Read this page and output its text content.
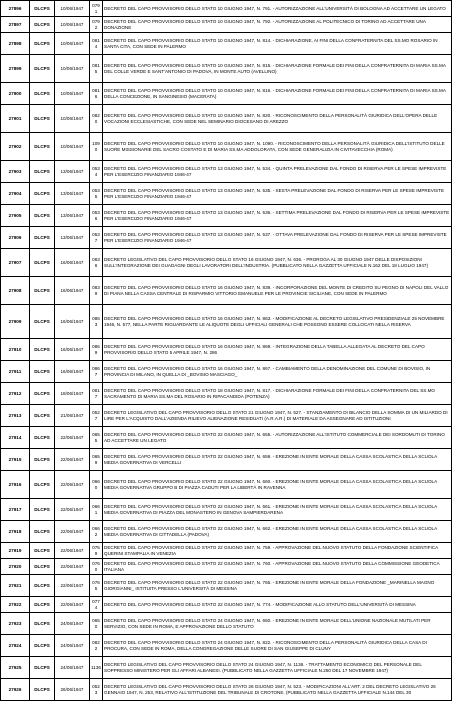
27896	DLCPS	10/06/1947	0791	DECRETO DEL CAPO PROVVISORIO DELLO STATO 10 GIUGNO 1947, N. 791. - AUTORIZZAZIONE ALL'UNIVERSITÀ DI BOLOGNA AD ACCETTARE UN LEGATO
27897	DLCPS	10/06/1947	0792	DECRETO DEL CAPO PROVVISORIO DELLO STATO 10 GIUGNO 1947, N. 792. - AUTORIZZAZIONE AL POLITECNICO DI TORINO AD ACCETTARE UNA DONAZIONE
27898	DLCPS	10/06/1947	0814	DECRETO DEL CAPO PROVVISORIO DELLO STATO 10 GIUGNO 1947, N. 814. - DICHIARAZIONE, AI FINI DELLA CONFRATERNITA DEL SS.MO ROSARIO IN SANTA CITA, CON SEDE IN PALERMO
27899	DLCPS	10/06/1947	0815	DECRETO DEL CAPO PROVVISORIO DELLO STATO 10 GIUGNO 1947, N. 815. - DICHIARAZIONE FORMALE DEI FINI DELLA CONFRATERNITA DI MARIA SS.MA DEL COLLE VERDE E SANT'ANTONIO DI PADOVA, IN MONTE AUTO (AVELLINO)
27900	DLCPS	10/06/1947	0816	DECRETO DEL CAPO PROVVISORIO DELLO STATO 10 GIUGNO 1947, N. 816. - DICHIARAZIONE FORMALE DEI FINI DELLA CONFRATERNITA DI MARIA SS.MA DELLA CONCEZIONE, IN SANGINESIO (MACERATA)
27901	DLCPS	10/06/1947	0820	DECRETO DEL CAPO PROVVISORIO DELLO STATO 10 GIUGNO 1947, N. 820. - RICONOSCIMENTO DELLA PERSONALITÀ GIURIDICA DELL'OPERA DELLE VOCAZIONI ECCLESIASTICHE, CON SEDE NEL SEMINARIO DIOCESANO DI AREZZO
27902	DLCPS	10/06/1947	1090	DECRETO DEL CAPO PROVVISORIO DELLO STATO 10 GIUGNO 1947, N. 1090. - RICONOSCIMENTO DELLA PERSONALITÀ GIURIDICA DELL'ISTITUTO DELLE SUORE MISSIONARIE DEL SACRO COSTATO E DI MARIA SS.MA ADDOLORATA, CON SEDE GENERALIZIA IN CIVITAVECCHIA (ROMA)
27903	DLCPS	13/06/1947	0534	DECRETO DEL CAPO PROVVISORIO DELLO STATO 13 GIUGNO 1947, N. 534. - QUINTA PRELEVAZIONE DAL FONDO DI RISERVA PER LE SPESE IMPREVISTE PER L'ESERCIZIO FINANZIARIO 1946-47
27904	DLCPS	13/06/1947	0535	DECRETO DEL CAPO PROVVISORIO DELLO STATO 13 GIUGNO 1947, N. 535. - SESTA PRELEVAZIONE DAL FONDO DI RISERVA PER LE SPESE IMPREVISTE PER L'ESERCIZIO FINANZIARIO 1946-47
27905	DLCPS	13/06/1947	0536	DECRETO DEL CAPO PROVVISORIO DELLO STATO 13 GIUGNO 1947, N. 536. - SETTIMA PRELEVAZIONE DAL FONDO DI RISERVA PER LE SPESE IMPREVISTE PER L'ESERCIZIO FINANZIARIO 1946-47
27906	DLCPS	13/06/1947	0537	DECRETO DEL CAPO PROVVISORIO DELLO STATO 13 GIUGNO 1947, N. 537. - OTTAVA PRELEVAZIONE DAL FONDO DI RISERVA PER LE SPESE IMPREVISTE PER L'ESERCIZIO FINANZIARIO 1946-47
27907	DLCPS	16/06/1947	0636	DECRETO LEGISLATIVO DEL CAPO PROVVISORIO DELLO STATO 16 GIUGNO 1947, N. 636. - PROROGA AL 30 GIUGNO 1947 DELLE DISPOSIZIONI SULL'INTEGRAZIONE DEI GUADAGNI DEGLI LAVORATORI DELL'INDUSTRIA. (PUBBLICATO NELLA GAZZETTA UFFICIALE N.162 DEL 18 LUGLIO 1947)
27908	DLCPS	16/06/1947	0839	DECRETO DEL CAPO PROVVISORIO DELLO STATO 16 GIUGNO 1947, N. 839. - INCORPORAZIONE DEL MONTE DI CREDITO SU PEGNO DI NAPOLI DEL VALLO DI PIANA NELLA CASSA CENTRALE DI RISPARMIO VITTORIO EMANUELE PER LE PROVINCIE SICILIANE, CON SEDE IN PALERMO
27909	DLCPS	16/06/1947	0863	DECRETO DEL CAPO PROVVISORIO DELLO STATO 16 GIUGNO 1947, N. 863. - MODIFICAZIONE AL DECRETO LEGISLATIVO PRESIDENZIALE 25 NOVEMBRE 1946, N. 577, NELLA PARTE RIGUARDANTE LE ALIQUOTE DEGLI UFFICIALI GENERALI CHE POSSONO ESSERE COLLOCATI NELLA RISERVA
27910	DLCPS	16/06/1947	0869	DECRETO DEL CAPO PROVVISORIO DELLO STATO 16 GIUGNO 1947, N. 869. - INTEGRAZIONE DELLA TABELLA ALLEGATA AL DECRETO DEL CAPO PROVVISORIO DELLO STATO 5 APRILE 1947, N. 286
27911	DLCPS	16/06/1947	0867	DECRETO DEL CAPO PROVVISORIO DELLO STATO 16 GIUGNO 1947, N. 867. - CAMBIAMENTO DELLA DENOMINAZIONE DEL COMUNE DI BOVISIO, IN PROVINCIA DI MILANO, IN QUELLA DI _BOVISIO MASCIAGO_
27912	DLCPS	18/06/1947	0817	DECRETO DEL CAPO PROVVISORIO DELLO STATO 18 GIUGNO 1947, N. 817. - DICHIARAZIONE FORMALE DEI FINI DELLA CONFRATERNITA DEL SS.MO SACRAMENTO DI MARIA SS.MA DEL ROSARIO IN RIPACANDIDA (POTENZA)
27913	DLCPS	21/06/1947	0527	DECRETO LEGISLATIVO DEL CAPO PROVVISORIO DELLO STATO 21 GIUGNO 1947, N. 527. - STANZIAMENTO DI BILANCIO DELLA SOMMA DI UN MILIARDO DI LIRE PER L'ACQUISTO DALL'AZIENDA RILIEVO ALIENAZIONE RESIDUATI (A.R.A.R.) DI MATERIALE DA ASSEGNARE AD ISTITUZIONI
27914	DLCPS	22/06/1947	0655	DECRETO DEL CAPO PROVVISORIO DELLO STATO 22 GIUGNO 1947, N. 655. - AUTORIZZAZIONE ALL'ISTITUTO COMMERCIALE DEI SORDOMUTI DI TORINO AD ACCETTARE UN LEGATO
27915	DLCPS	22/06/1947	0659	DECRETO DEL CAPO PROVVISORIO DELLO STATO 22 GIUGNO 1947, N. 659. - EREZIONE IN ENTE MORALE DELLA CASSA SCOLASTICA DELLA SCUOLA MEDIA GOVERNATIVA DI VERCELLI
27916	DLCPS	22/06/1947	0660	DECRETO DEL CAPO PROVVISORIO DELLO STATO 22 GIUGNO 1947, N. 660. - EREZIONE IN ENTE MORALE DELLA CASSA SCOLASTICA DELLA SCUOLA MEDIA GOVERNATIVA GRUPPO B DI PIAZZA CADUTI PER LA LIBERTÀ IN RAVENNA
27917	DLCPS	22/06/1947	0661	DECRETO DEL CAPO PROVVISORIO DELLO STATO 22 GIUGNO 1947, N. 661. - EREZIONE IN ENTE MORALE DELLA CASSA SCOLASTICA DELLA SCUOLA MEDIA GOVERNATIVA DI PIAZZA DEL MONASTERO IN GENOVA SAMPIERDARENA
27918	DLCPS	22/06/1947	0662	DECRETO DEL CAPO PROVVISORIO DELLO STATO 22 GIUGNO 1947, N. 662. - EREZIONE IN ENTE MORALE DELLA CASSA SCOLASTICA DELLA SCUOLA MEDIA GOVERNATIVA DI CITTADELLA (PADOVA)
27919	DLCPS	22/06/1947	0759	DECRETO DEL CAPO PROVVISORIO DELLO STATO 22 GIUGNO 1947, N. 759. - APPROVAZIONE DEL NUOVO STATUTO DELLA FONDAZIONE SCIENTIFICA QUERINI STAMPALIA IN VENEZIA
27920	DLCPS	22/06/1947	0760	DECRETO DEL CAPO PROVVISORIO DELLO STATO 22 GIUGNO 1947, N. 760. - APPROVAZIONE DEL NUOVO STATUTO DELLA COMMISSIONE GEODETICA ITALIANA
27921	DLCPS	22/06/1947	0765	DECRETO DEL CAPO PROVVISORIO DELLO STATO 22 GIUGNO 1947, N. 765. - EREZIONE IN ENTE MORALE DELLA FONDAZIONE _MARINELLA MAGNO GIORGIANNI_ ISTITUITA PRESSO L'UNIVERSITÀ DI MESSINA
27922	DLCPS	22/06/1947	0774	DECRETO DEL CAPO PROVVISORIO DELLO STATO 22 GIUGNO 1947, N. 774. - MODIFICAZIONE ALLO STATUTO DELL'UNIVERSITÀ DI MESSINA
27923	DLCPS	24/06/1947	0650	DECRETO DEL CAPO PROVVISORIO DELLO STATO 24 GIUGNO 1947, N. 650. - EREZIONE IN ENTE MORALE DELL'UNIONE NAZIONALE MUTILATI PER SERVIZIO, CON SEDE IN ROMA, E APPROVAZIONE DELLO STATUTO
27924	DLCPS	24/06/1947	0822	DECRETO DEL CAPO PROVVISORIO DELLO STATO 24 GIUGNO 1947, N. 822. - RICONOSCIMENTO DELLA PERSONALITÀ GIURIDICA DELLA CASA DI PROCURA, CON SEDE IN ROMA, DELLA CONGREGAZIONE DELLE SUORE DI SAN GIUSEPPE DI CLUNY
27925	DLCPS	24/06/1947	1136	DECRETO LEGISLATIVO DEL CAPO PROVVISORIO DELLO STATO 24 GIUGNO 1947, N. 1136. - TRATTAMENTO ECONOMICO DEL PERSONALE DEL SOPPRESSO MINISTERO PER GLI AFFARI ALBANESI. (PUBBLICATO NELLA GAZZETTA UFFICIALE N.250 DEL 17 NOVEMBRE 1947)
27926	DLCPS	26/06/1947	0523	DECRETO LEGISLATIVO DEL CAPO PROVVISORIO DELLO STATO 26 GIUGNO 1947, N. 523. - MODIFICAZIONI ALL'ART. 2 DEL DECRETO LEGISLATIVO 26 GENNAIO 1947, N. 253, RELATIVO ALL'ISTITUZIONE DEL TRIBUNALE DI CROTONE. (PUBBLICATO NELLA GAZZETTA UFFICIALE N.144 DEL 30
